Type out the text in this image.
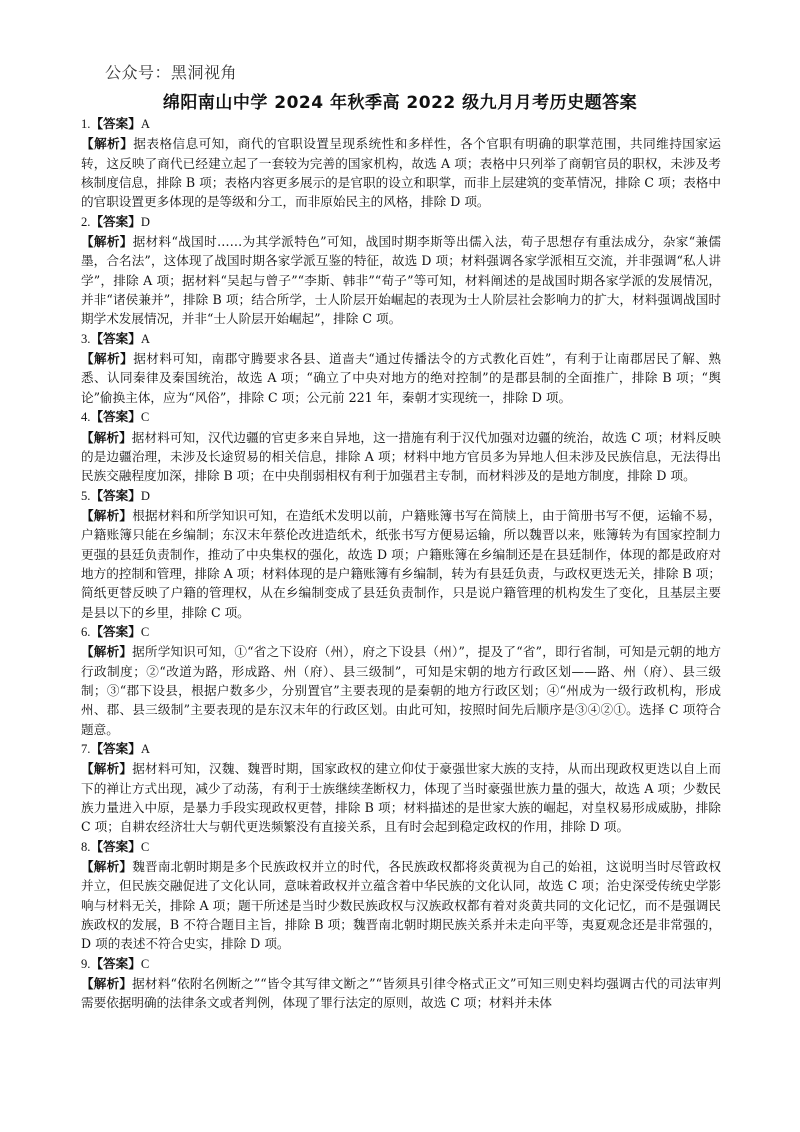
公众号：黑洞视角
绵阳南山中学 2024 年秋季高 2022 级九月月考历史题答案

1.【答案】A

【解析】据表格信息可知，商代的官职设置呈现系统性和多样性，各个官职有明确的职掌范围，共同维持国家运转，这反映了商代已经建立起了一套较为完善的国家机构，故选 A 项；表格中只列举了商朝官员的职权，未涉及考核制度信息，排除 B 项；表格内容更多展示的是官职的设立和职掌，而非上层建筑的变革情况，排除 C 项；表格中的官职设置更多体现的是等级和分工，而非原始民主的风格，排除 D 项。

2.【答案】D

【解析】据材料“战国时……为其学派特色”可知，战国时期李斯等出儒入法，荀子思想存有重法成分，杂家“兼儒墨，合名法”，这体现了战国时期各家学派互鉴的特征，故选 D 项；材料强调各家学派相互交流，并非强调“私人讲学”，排除 A 项；据材料“吴起与曾子”“李斯、韩非”“荀子”等可知，材料阐述的是战国时期各家学派的发展情况，并非“诸侯兼并”，排除 B 项；结合所学，士人阶层开始崛起的表现为士人阶层社会影响力的扩大，材料强调战国时期学术发展情况，并非“士人阶层开始崛起”，排除 C 项。

3.【答案】A

【解析】据材料可知，南郡守腾要求各县、道啬夫“通过传播法令的方式教化百姓”，有利于让南郡居民了解、熟悉、认同秦律及秦国统治，故选 A 项；“确立了中央对地方的绝对控制”的是郡县制的全面推广，排除 B 项；“舆论”偷换主体，应为“风俗”，排除 C 项；公元前 221 年，秦朝才实现统一，排除 D 项。

4.【答案】C

【解析】据材料可知，汉代边疆的官吏多来自异地，这一措施有利于汉代加强对边疆的统治，故选 C 项；材料反映的是边疆治理，未涉及长途贸易的相关信息，排除 A 项；材料中地方官员多为异地人但未涉及民族信息，无法得出民族交融程度加深，排除 B 项；在中央削弱相权有利于加强君主专制，而材料涉及的是地方制度，排除 D 项。

5.【答案】D

【解析】根据材料和所学知识可知，在造纸术发明以前，户籍账簿书写在简牍上，由于简册书写不便，运输不易，户籍账簿只能在乡编制；东汉末年蔡伦改进造纸术，纸张书写方便易运输，所以魏晋以来，账簿转为有国家控制力更强的县廷负责制作，推动了中央集权的强化，故选 D 项；户籍账簿在乡编制还是在县廷制作，体现的都是政府对地方的控制和管理，排除 A 项；材料体现的是户籍账簿有乡编制，转为有县廷负责，与政权更迭无关，排除 B 项；简纸更替反映了户籍的管理权，从在乡编制变成了县廷负责制作，只是说户籍管理的机构发生了变化，且基层主要是县以下的乡里，排除 C 项。

6.【答案】C

【解析】据所学知识可知，①“省之下设府（州），府之下设县（州）”，提及了“省”，即行省制，可知是元朝的地方行政制度；②“改道为路，形成路、州（府）、县三级制”，可知是宋朝的地方行政区划——路、州（府）、县三级制；③“郡下设县，根据户数多少，分别置官”主要表现的是秦朝的地方行政区划；④“州成为一级行政机构，形成州、郡、县三级制”主要表现的是东汉末年的行政区划。由此可知，按照时间先后顺序是③④②①。选择 C 项符合题意。

7.【答案】A

【解析】据材料可知，汉魏、魏晋时期，国家政权的建立仰仗于豪强世家大族的支持，从而出现政权更迭以自上而下的禅让方式出现，减少了动荡，有利于士族继续垄断权力，体现了当时豪强世族力量的强大，故选 A 项；少数民族力量进入中原，是暴力手段实现政权更替，排除 B 项；材料描述的是世家大族的崛起，对皇权易形成威胁，排除 C 项；自耕农经济壮大与朝代更迭频繁没有直接关系，且有时会起到稳定政权的作用，排除 D 项。

8.【答案】C

【解析】魏晋南北朝时期是多个民族政权并立的时代，各民族政权都将炎黄视为自己的始祖，这说明当时尽管政权并立，但民族交融促进了文化认同，意味着政权并立蕴含着中华民族的文化认同，故选 C 项；治史深受传统史学影响与材料无关，排除 A 项；题干所述是当时少数民族政权与汉族政权都有着对炎黄共同的文化记忆，而不是强调民族政权的发展，B 不符合题目主旨，排除 B 项；魏晋南北朝时期民族关系并未走向平等，夷夏观念还是非常强的，D 项的表述不符合史实，排除 D 项。

9.【答案】C

【解析】据材料“依附名例断之”“皆令其写律文断之”“皆须具引律令格式正文”可知三则史料均强调古代的司法审判需要依据明确的法律条文或者判例，体现了罪行法定的原则，故选 C 项；材料并未体
